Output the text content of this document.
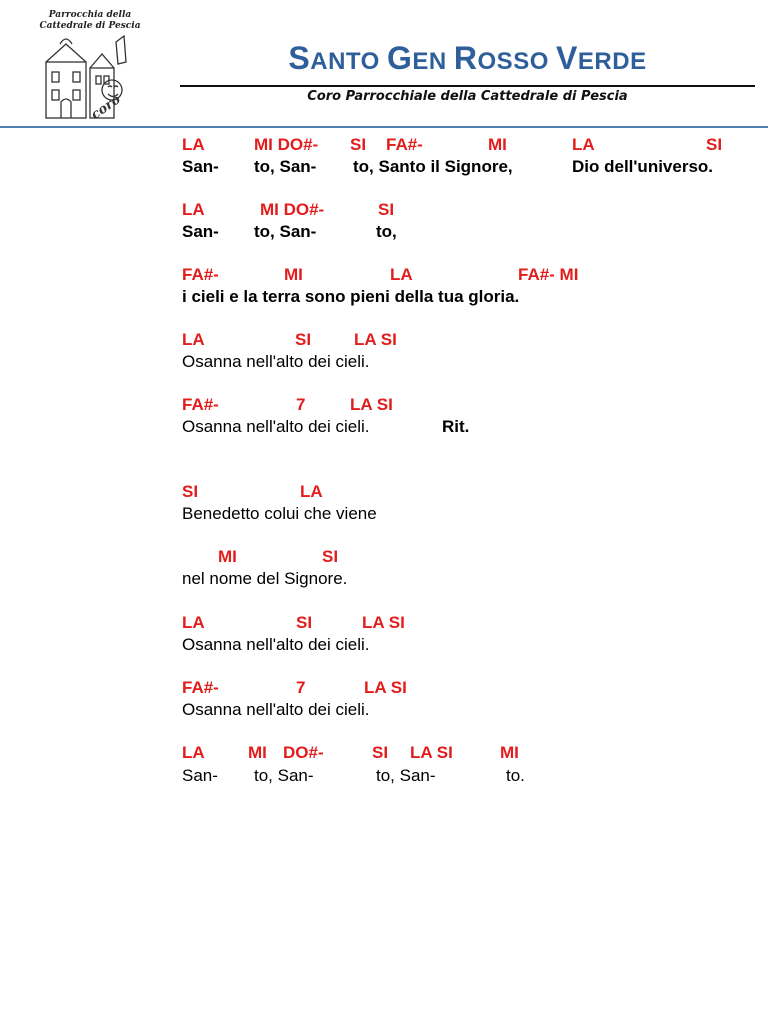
Parrocchia della
Cattedrale di Pescia
coro
SANTO GEN ROSSO VERDE
Coro Parrocchiale della Cattedrale di Pescia
LA	MI DO#- SI FA#-	MI	LA	SI
San- to, San- to, Santo il Signore,	Dio dell'universo.
LA	MI DO#-	SI
San- to, San-	to,
FA#-	MI	LA	FA#- MI
i cieli e la terra sono pieni della tua gloria.
LA	SI	LA SI
Osanna nell'alto dei cieli.
FA#-	7	LA SI
Osanna nell'alto dei cieli.	Rit.
SI	LA
Benedetto colui che viene
MI	SI
nel nome del Signore.
LA	SI	LA SI
Osanna nell'alto dei cieli.
FA#-	7	LA SI
Osanna nell'alto dei cieli.
LA	MI DO#-	SI LA SI	MI
San- to, San-	to, San-	to.
